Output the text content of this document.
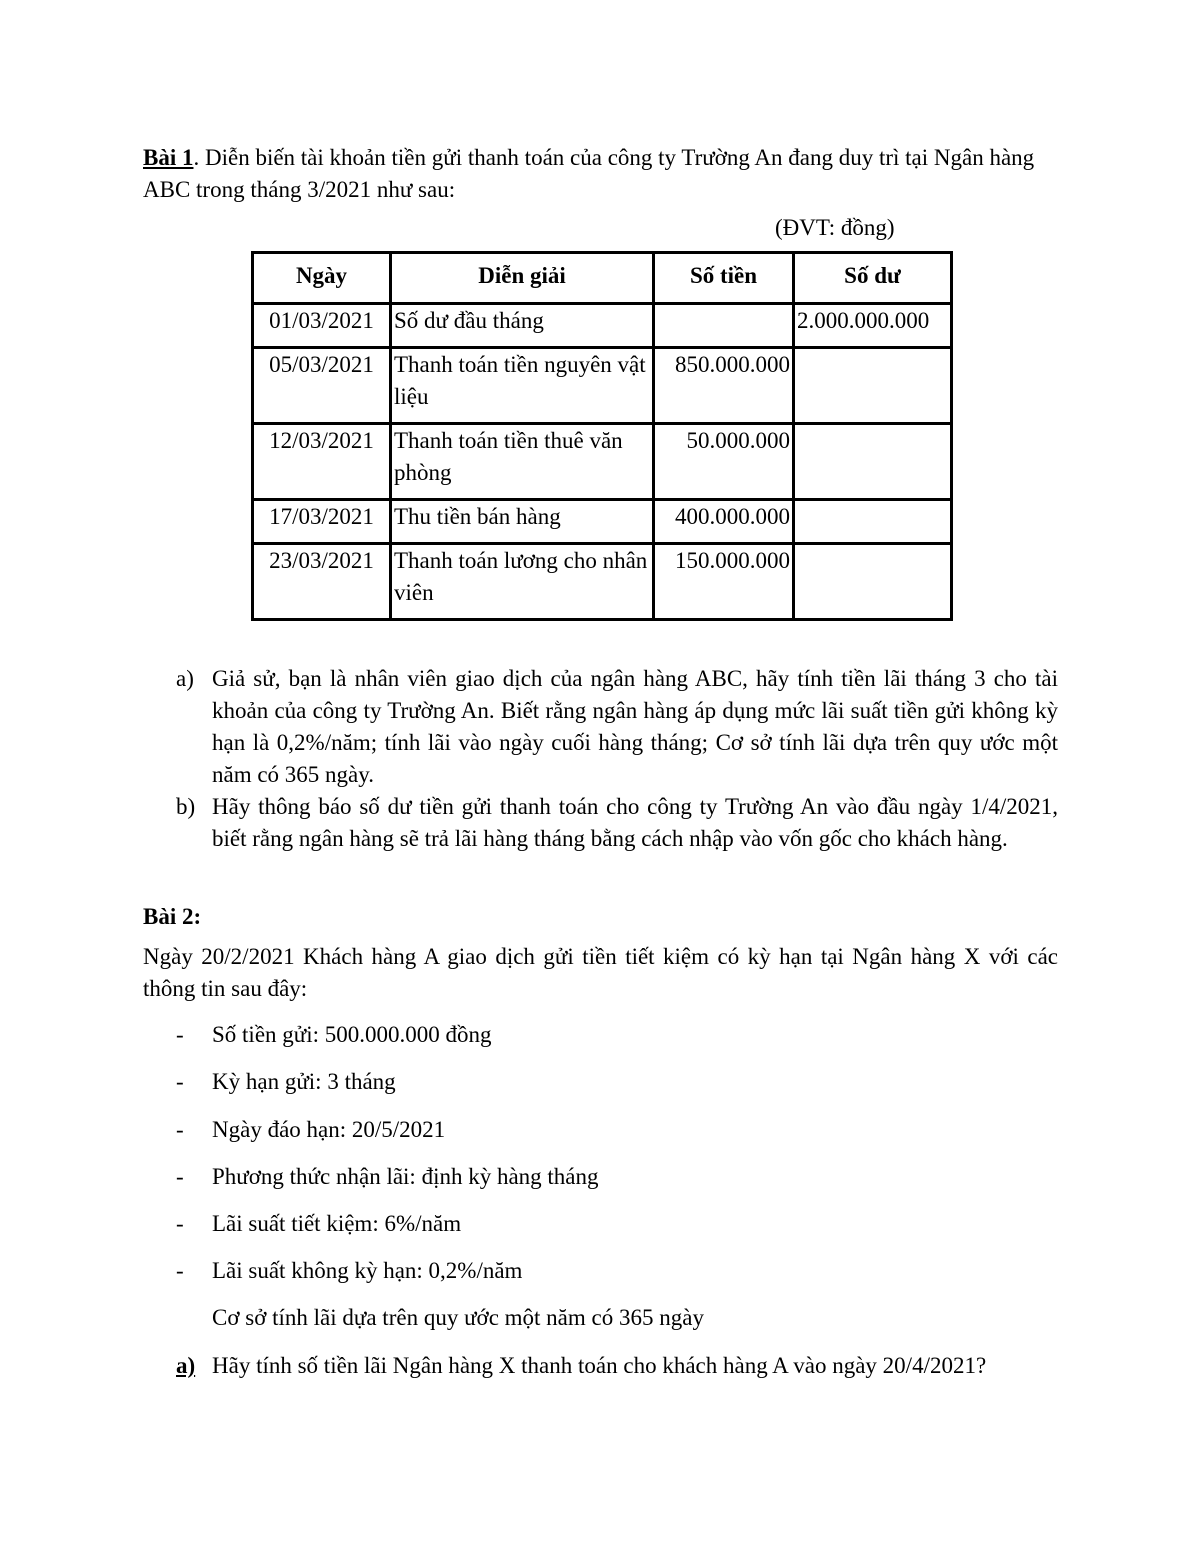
Bài 1. Diễn biến tài khoản tiền gửi thanh toán của công ty Trường An đang duy trì tại Ngân hàng ABC trong tháng 3/2021 như sau:
(ĐVT: đồng)
Ngày	Diễn giải	Số tiền	Số dư
01/03/2021	Số dư đầu tháng		2.000.000.000
05/03/2021	Thanh toán tiền nguyên vật liệu	850.000.000	
12/03/2021	Thanh toán tiền thuê văn phòng	50.000.000	
17/03/2021	Thu tiền bán hàng	400.000.000	
23/03/2021	Thanh toán lương cho nhân viên	150.000.000	
a) Giả sử, bạn là nhân viên giao dịch của ngân hàng ABC, hãy tính tiền lãi tháng 3 cho tài khoản của công ty Trường An. Biết rằng ngân hàng áp dụng mức lãi suất tiền gửi không kỳ hạn là 0,2%/năm; tính lãi vào ngày cuối hàng tháng; Cơ sở tính lãi dựa trên quy ước một năm có 365 ngày.
b) Hãy thông báo số dư tiền gửi thanh toán cho công ty Trường An vào đầu ngày 1/4/2021, biết rằng ngân hàng sẽ trả lãi hàng tháng bằng cách nhập vào vốn gốc cho khách hàng.
Bài 2:
Ngày 20/2/2021 Khách hàng A giao dịch gửi tiền tiết kiệm có kỳ hạn tại Ngân hàng X với các thông tin sau đây:
- Số tiền gửi: 500.000.000 đồng
- Kỳ hạn gửi: 3 tháng
- Ngày đáo hạn: 20/5/2021
- Phương thức nhận lãi: định kỳ hàng tháng
- Lãi suất tiết kiệm: 6%/năm
- Lãi suất không kỳ hạn: 0,2%/năm
Cơ sở tính lãi dựa trên quy ước một năm có 365 ngày
a) Hãy tính số tiền lãi Ngân hàng X thanh toán cho khách hàng A vào ngày 20/4/2021?
